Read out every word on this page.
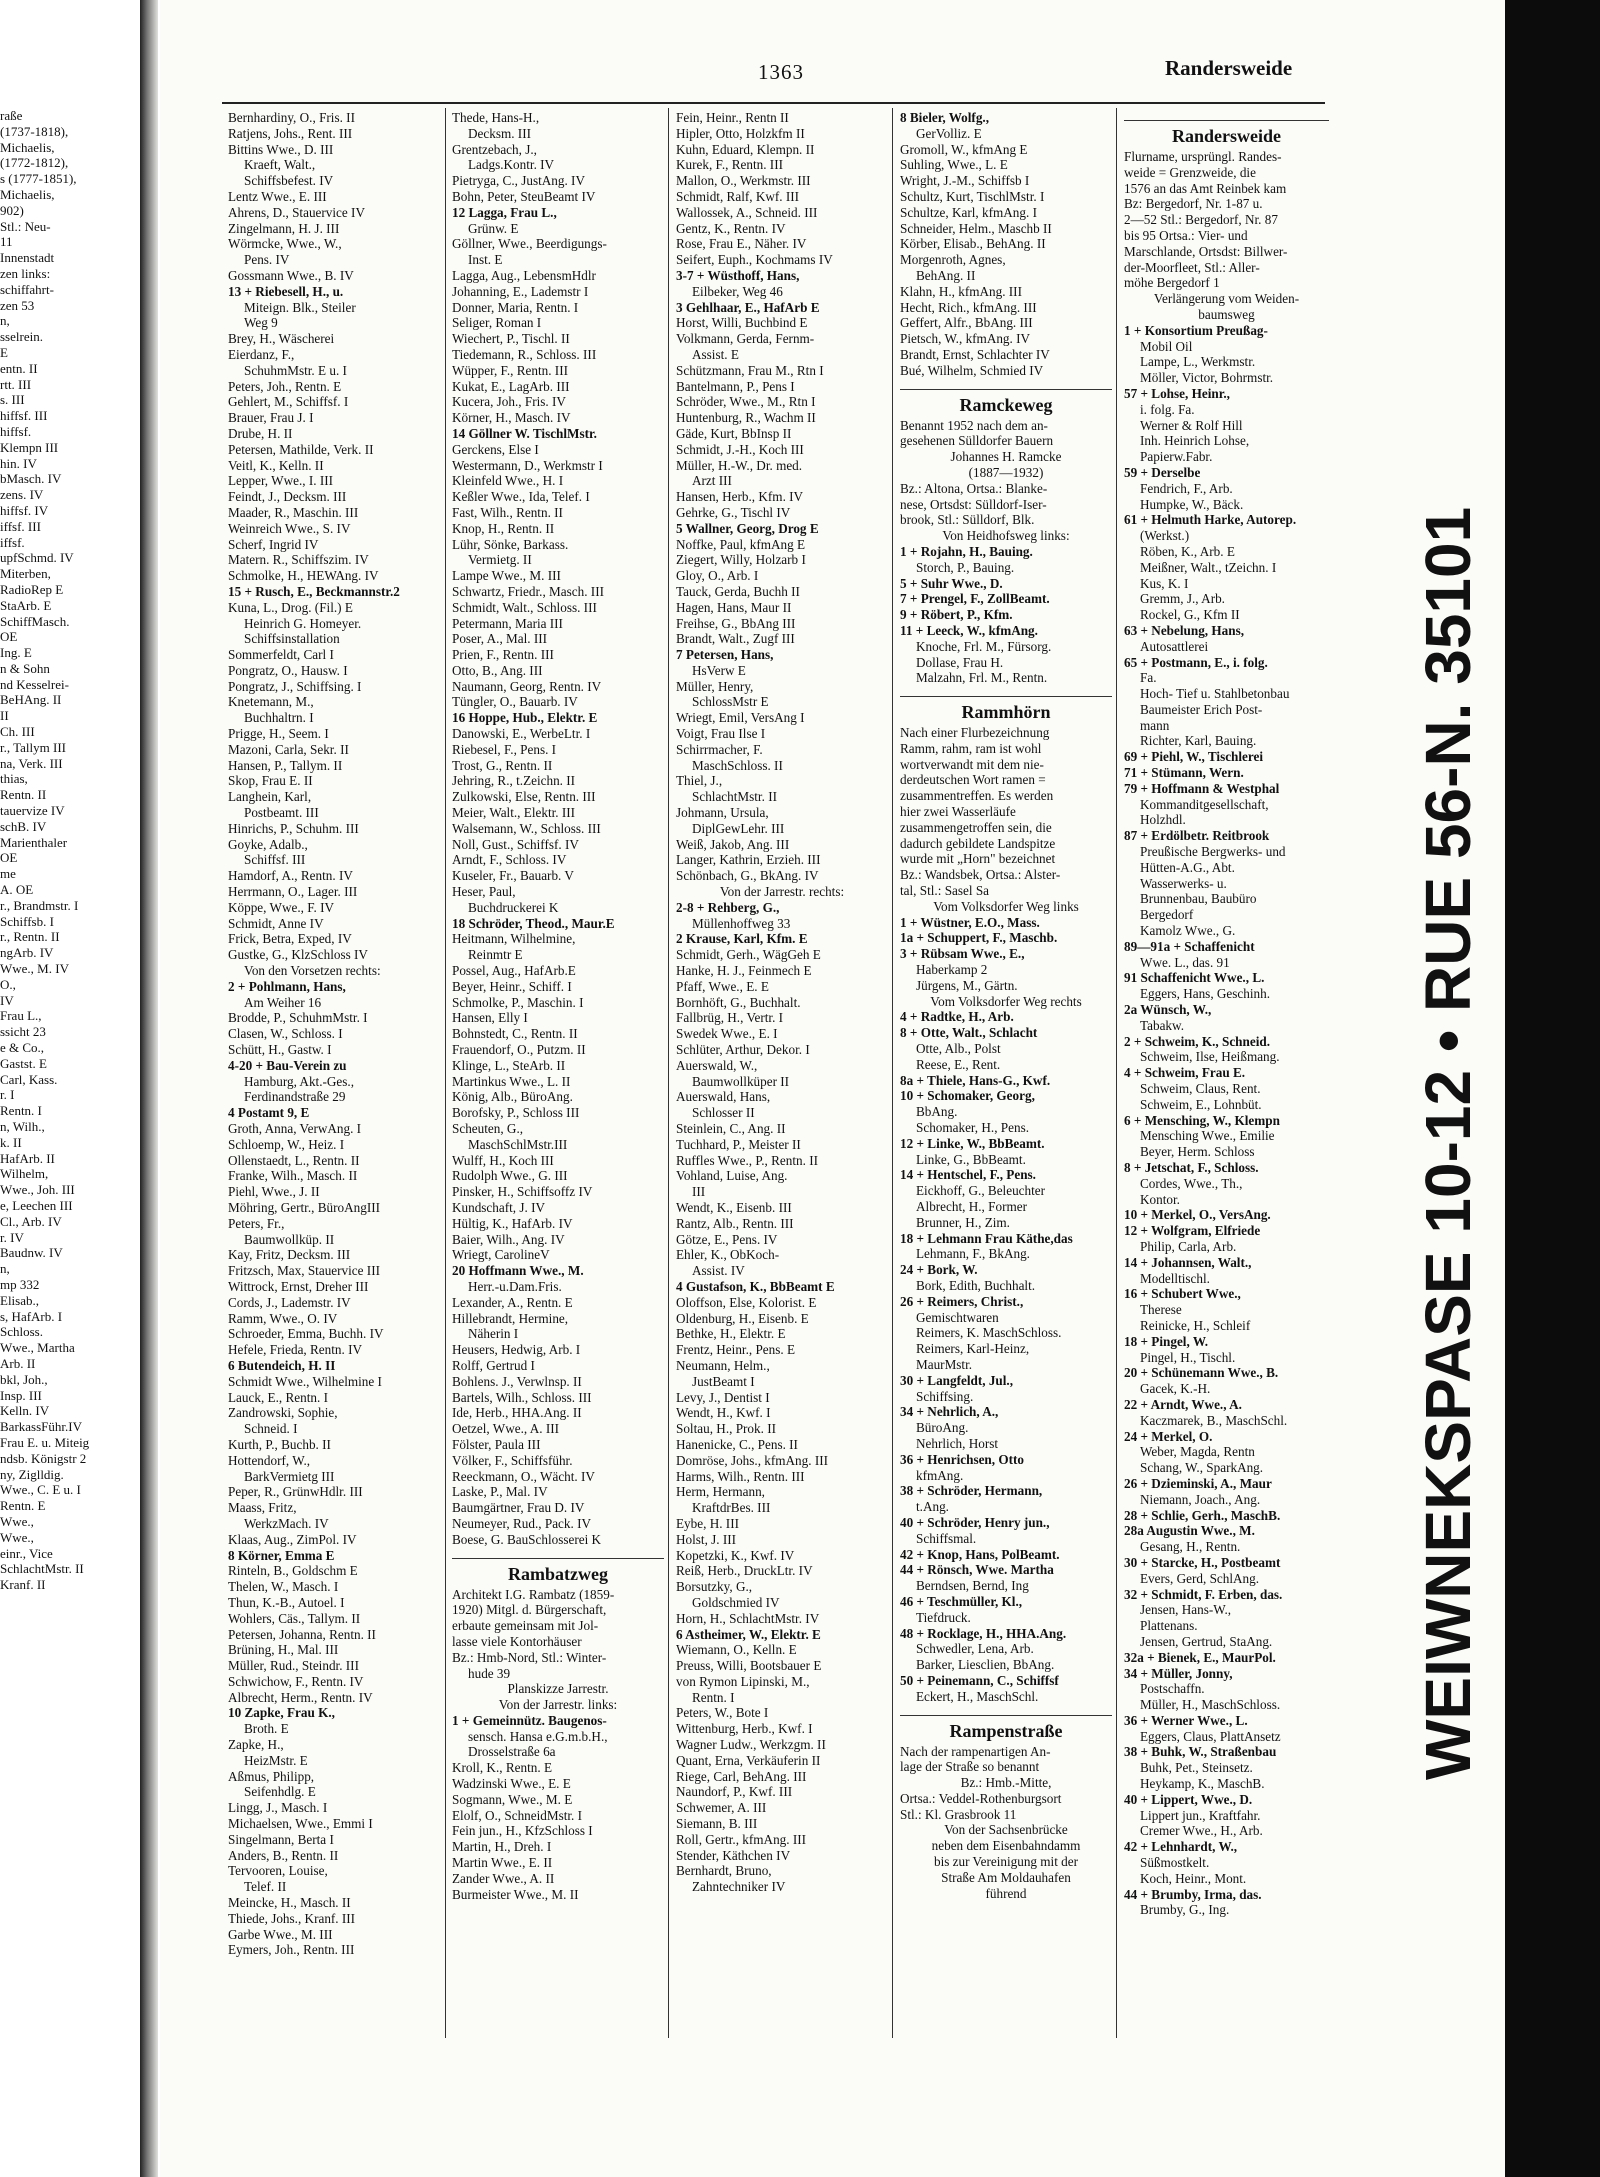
raße
(1737-1818),
Michaelis,
(1772-1812),
s (1777-1851),
Michaelis,
902)
Stl.: Neu-
11
Innenstadt
zen links:
schiffahrt-
zen 53
n,
sselrein.
E
entn. II
rtt. III
s. III
hiffsf. III
hiffsf.
Klempn III
hin. IV
bMasch. IV
zens. IV
hiffsf. IV
iffsf. III
iffsf.
upfSchmd. IV
Miterben,
RadioRep E
StaArb. E
SchiffMasch.
OE
Ing. E
n & Sohn
nd Kesselrei-
BeHAng. II
II
Ch. III
r., Tallym III
na, Verk. III
thias,
Rentn. II
tauervize IV
schB. IV
Marienthaler
OE
me
A. OE
r., Brandmstr. I
Schiffsb. I
r., Rentn. II
ngArb. IV
Wwe., M. IV
O.,
IV
Frau L.,
ssicht 23
e & Co.,
Gastst. E
Carl, Kass.
r. I
Rentn. I
n, Wilh.,
k. II
HafArb. II
Wilhelm,
Wwe., Joh. III
e, Leechen III
Cl., Arb. IV
r. IV
Baudnw. IV
n,
mp 332
Elisab.,
s, HafArb. I
Schloss.
Wwe., Martha
Arb. II
bkl, Joh.,
Insp. III
Kelln. IV
BarkassFühr.IV
Frau E. u. Miteig
ndsb. Königstr 2
ny, Ziglldig.
Wwe., C. E u. I
Rentn. E
Wwe.,
Wwe.,
einr., Vice
SchlachtMstr. II
Kranf. II
1363	Randersweide
Bernhardiny, O., Fris. II
Ratjens, Johs., Rent. III
Bittins Wwe., D. III
Kraeft, Walt.,
Schiffsbefest. IV
Lentz Wwe., E. III
Ahrens, D., Stauervice IV
Zingelmann, H. J. III
Wörmcke, Wwe., W.,
Pens. IV
Gossmann Wwe., B. IV
13 + Riebesell, H., u.
Miteign. Blk., Steiler
Weg 9
Brey, H., Wäscherei
Eierdanz, F.,
SchuhmMstr. E u. I
Peters, Joh., Rentn. E
Gehlert, M., Schiffsf. I
Brauer, Frau J. I
Drube, H. II
Petersen, Mathilde, Verk. II
Veitl, K., Kelln. II
Lepper, Wwe., I. III
Feindt, J., Decksm. III
Maader, R., Maschin. III
Weinreich Wwe., S. IV
Scherf, Ingrid IV
Matern. R., Schiffszim. IV
Schmolke, H., HEWAng. IV
15 + Rusch, E., Beckmannstr.2
Kuna, L., Drog. (Fil.) E
Heinrich G. Homeyer.
Schiffsinstallation
Sommerfeldt, Carl I
Pongratz, O., Hausw. I
Pongratz, J., Schiffsing. I
Knetemann, M.,
Buchhaltrn. I
Prigge, H., Seem. I
Mazoni, Carla, Sekr. II
Hansen, P., Tallym. II
Skop, Frau E. II
Langhein, Karl,
Postbeamt. III
Hinrichs, P., Schuhm. III
Goyke, Adalb.,
Schiffsf. III
Hamdorf, A., Rentn. IV
Herrmann, O., Lager. III
Köppe, Wwe., F. IV
Schmidt, Anne IV
Frick, Betra, Exped, IV
Gustke, G., KlzSchloss IV
Von den Vorsetzen rechts:
2 + Pohlmann, Hans,
Am Weiher 16
Brodde, P., SchuhmMstr. I
Clasen, W., Schloss. I
Schütt, H., Gastw. I
4-20 + Bau-Verein zu
Hamburg, Akt.-Ges.,
Ferdinandstraße 29
4 Postamt 9, E
Groth, Anna, VerwAng. I
Schloemp, W., Heiz. I
Ollenstaedt, L., Rentn. II
Franke, Wilh., Masch. II
Piehl, Wwe., J. II
Möhring, Gertr., BüroAngIII
Peters, Fr.,
Baumwollküp. II
Kay, Fritz, Decksm. III
Fritzsch, Max, Stauervice III
Wittrock, Ernst, Dreher III
Cords, J., Lademstr. IV
Ramm, Wwe., O. IV
Schroeder, Emma, Buchh. IV
Hefele, Frieda, Rentn. IV
6 Butendeich, H. II
Schmidt Wwe., Wilhelmine I
Lauck, E., Rentn. I
Zandrowski, Sophie,
Schneid. I
Kurth, P., Buchb. II
Hottendorf, W.,
BarkVermietg III
Peper, R., GrünwHdlr. III
Maass, Fritz,
WerkzMach. IV
Klaas, Aug., ZimPol. IV
8 Körner, Emma E
Rinteln, B., Goldschm E
Thelen, W., Masch. I
Thun, K.-B., Autoel. I
Wohlers, Cäs., Tallym. II
Petersen, Johanna, Rentn. II
Brüning, H., Mal. III
Müller, Rud., Steindr. III
Schwichow, F., Rentn. IV
Albrecht, Herm., Rentn. IV
10 Zapke, Frau K.,
Broth. E
Zapke, H.,
HeizMstr. E
Aßmus, Philipp,
Seifenhdlg. E
Lingg, J., Masch. I
Michaelsen, Wwe., Emmi I
Singelmann, Berta I
Anders, B., Rentn. II
Tervooren, Louise,
Telef. II
Meincke, H., Masch. II
Thiede, Johs., Kranf. III
Garbe Wwe., M. III
Eymers, Joh., Rentn. III
Thede, Hans-H.,
Decksm. III
Grentzebach, J.,
Ladgs.Kontr. IV
Pietryga, C., JustAng. IV
Bohn, Peter, SteuBeamt IV
12 Lagga, Frau L.,
Grünw. E
Göllner, Wwe., Beerdigungs-
Inst. E
Lagga, Aug., LebensmHdlr
Johanning, E., Lademstr I
Donner, Maria, Rentn. I
Seliger, Roman I
Wiechert, P., Tischl. II
Tiedemann, R., Schloss. III
Wüpper, F., Rentn. III
Kukat, E., LagArb. III
Kucera, Joh., Fris. IV
Körner, H., Masch. IV
14 Göllner W. TischlMstr.
Gerckens, Else I
Westermann, D., Werkmstr I
Kleinfeld Wwe., H. I
Keßler Wwe., Ida, Telef. I
Fast, Wilh., Rentn. II
Knop, H., Rentn. II
Lühr, Sönke, Barkass.
Vermietg. II
Lampe Wwe., M. III
Schwartz, Friedr., Masch. III
Schmidt, Walt., Schloss. III
Petermann, Maria III
Poser, A., Mal. III
Prien, F., Rentn. III
Otto, B., Ang. III
Naumann, Georg, Rentn. IV
Tüngler, O., Bauarb. IV
16 Hoppe, Hub., Elektr. E
Danowski, E., WerbeLtr. I
Riebesel, F., Pens. I
Trost, G., Rentn. II
Jehring, R., t.Zeichn. II
Zulkowski, Else, Rentn. III
Meier, Walt., Elektr. III
Walsemann, W., Schloss. III
Noll, Gust., Schiffsf. IV
Arndt, F., Schloss. IV
Kuseler, Fr., Bauarb. V
Heser, Paul,
Buchdruckerei K
18 Schröder, Theod., Maur.E
Heitmann, Wilhelmine,
Reinmtr E
Possel, Aug., HafArb.E
Beyer, Heinr., Schiff. I
Schmolke, P., Maschin. I
Hansen, Elly I
Bohnstedt, C., Rentn. II
Frauendorf, O., Putzm. II
Klinge, L., SteArb. II
Martinkus Wwe., L. II
König, Alb., BüroAng.
Borofsky, P., Schloss III
Scheuten, G.,
MaschSchlMstr.III
Wulff, H., Koch III
Rudolph Wwe., G. III
Pinsker, H., Schiffsoffz IV
Kundschaft, J. IV
Hültig, K., HafArb. IV
Baier, Wilh., Ang. IV
Wriegt, CarolineV
20 Hoffmann Wwe., M.
Herr.-u.Dam.Fris.
Lexander, A., Rentn. E
Hillebrandt, Hermine,
Näherin I
Heusers, Hedwig, Arb. I
Rolff, Gertrud I
Bohlens. J., Verwlnsp. II
Bartels, Wilh., Schloss. III
Ide, Herb., HHA.Ang. II
Oetzel, Wwe., A. III
Fölster, Paula III
Völker, F., Schiffsführ.
Reeckmann, O., Wächt. IV
Laske, P., Mal. IV
Baumgärtner, Frau D. IV
Neumeyer, Rud., Pack. IV
Boese, G. BauSchlosserei K
Rambatzweg
Architekt I.G. Rambatz (1859-
1920) Mitgl. d. Bürgerschaft,
erbaute gemeinsam mit Jol-
lasse viele Kontorhäuser
Bz.: Hmb-Nord, Stl.: Winter-
hude 39
Planskizze Jarrestr.
Von der Jarrestr. links:
1 + Gemeinnütz. Baugenos-
sensch. Hansa e.G.m.b.H.,
Drosselstraße 6a
Kroll, K., Rentn. E
Wadzinski Wwe., E. E
Sogmann, Wwe., M. E
Elolf, O., SchneidMstr. I
Fein jun., H., KfzSchloss I
Martin, H., Dreh. I
Martin Wwe., E. II
Zander Wwe., A. II
Burmeister Wwe., M. II
Fein, Heinr., Rentn II
Hipler, Otto, Holzkfm II
Kuhn, Eduard, Klempn. II
Kurek, F., Rentn. III
Mallon, O., Werkmstr. III
Schmidt, Ralf, Kwf. III
Wallossek, A., Schneid. III
Gentz, K., Rentn. IV
Rose, Frau E., Näher. IV
Seifert, Euph., Kochmams IV
3-7 + Wüsthoff, Hans,
Eilbeker, Weg 46
3 Gehlhaar, E., HafArb E
Horst, Willi, Buchbind E
Volkmann, Gerda, Fernm-
Assist. E
Schützmann, Frau M., Rtn I
Bantelmann, P., Pens I
Schröder, Wwe., M., Rtn I
Huntenburg, R., Wachm II
Gäde, Kurt, BbInsp II
Schmidt, J.-H., Koch III
Müller, H.-W., Dr. med.
Arzt III
Hansen, Herb., Kfm. IV
Gehrke, G., Tischl IV
5 Wallner, Georg, Drog E
Noffke, Paul, kfmAng E
Ziegert, Willy, Holzarb I
Gloy, O., Arb. I
Tauck, Gerda, Buchh II
Hagen, Hans, Maur II
Freihse, G., BbAng III
Brandt, Walt., Zugf III
7 Petersen, Hans,
HsVerw E
Müller, Henry,
SchlossMstr E
Wriegt, Emil, VersAng I
Voigt, Frau Ilse I
Schirrmacher, F.
MaschSchloss. II
Thiel, J.,
SchlachtMstr. II
Johmann, Ursula,
DiplGewLehr. III
Weiß, Jakob, Ang. III
Langer, Kathrin, Erzieh. III
Schönbach, G., BkAng. IV
Von der Jarrestr. rechts:
2-8 + Rehberg, G.,
Müllenhoffweg 33
2 Krause, Karl, Kfm. E
Schmidt, Gerh., WägGeh E
Hanke, H. J., Feinmech E
Pfaff, Wwe., E. E
Bornhöft, G., Buchhalt.
Fallbrüg, H., Vertr. I
Swedek Wwe., E. I
Schlüter, Arthur, Dekor. I
Auerswald, W.,
Baumwollküper II
Auerswald, Hans,
Schlosser II
Steinlein, C., Ang. II
Tuchhard, P., Meister II
Ruffles Wwe., P., Rentn. II
Vohland, Luise, Ang.
III
Wendt, K., Eisenb. III
Rantz, Alb., Rentn. III
Götze, E., Pens. IV
Ehler, K., ObKoch-
Assist. IV
4 Gustafson, K., BbBeamt E
Oloffson, Else, Kolorist. E
Oldenburg, H., Eisenb. E
Bethke, H., Elektr. E
Frentz, Heinr., Pens. E
Neumann, Helm.,
JustBeamt I
Levy, J., Dentist I
Wendt, H., Kwf. I
Soltau, H., Prok. II
Hanenicke, C., Pens. II
Domröse, Johs., kfmAng. III
Harms, Wilh., Rentn. III
Herm, Hermann,
KraftdrBes. III
Eybe, H. III
Holst, J. III
Kopetzki, K., Kwf. IV
Reiß, Herb., DruckLtr. IV
Borsutzky, G.,
Goldschmied IV
Horn, H., SchlachtMstr. IV
6 Astheimer, W., Elektr. E
Wiemann, O., Kelln. E
Preuss, Willi, Bootsbauer E
von Rymon Lipinski, M.,
Rentn. I
Peters, W., Bote I
Wittenburg, Herb., Kwf. I
Wagner Ludw., Werkzgm. II
Quant, Erna, Verkäuferin II
Riege, Carl, BehAng. III
Naundorf, P., Kwf. III
Schwemer, A. III
Siemann, B. III
Roll, Gertr., kfmAng. III
Stender, Käthchen IV
Bernhardt, Bruno,
Zahntechniker IV
8 Bieler, Wolfg.,
GerVolliz. E
Gromoll, W., kfmAng E
Suhling, Wwe., L. E
Wright, J.-M., Schiffsb I
Schultz, Kurt, TischlMstr. I
Schultze, Karl, kfmAng. I
Schneider, Helm., Maschb II
Körber, Elisab., BehAng. II
Morgenroth, Agnes,
BehAng. II
Klahn, H., kfmAng. III
Hecht, Rich., kfmAng. III
Geffert, Alfr., BbAng. III
Pietsch, W., kfmAng. IV
Brandt, Ernst, Schlachter IV
Bué, Wilhelm, Schmied IV
Ramckeweg
Benannt 1952 nach dem an-
gesehenen Sülldorfer Bauern
Johannes H. Ramcke
(1887—1932)
Bz.: Altona, Ortsa.: Blanke-
nese, Ortsdst: Sülldorf-Iser-
brook, Stl.: Sülldorf, Blk.
Von Heidhofsweg links:
1 + Rojahn, H., Bauing.
Storch, P., Bauing.
5 + Suhr Wwe., D.
7 + Prengel, F., ZollBeamt.
9 + Röbert, P., Kfm.
11 + Leeck, W., kfmAng.
Knoche, Frl. M., Fürsorg.
Dollase, Frau H.
Malzahn, Frl. M., Rentn.
Rammhörn
Nach einer Flurbezeichnung
Ramm, rahm, ram ist wohl
wortverwandt mit dem nie-
derdeutschen Wort ramen =
zusammentreffen. Es werden
hier zwei Wasserläufe
zusammengetroffen sein, die
dadurch gebildete Landspitze
wurde mit „Horn" bezeichnet
Bz.: Wandsbek, Ortsa.: Alster-
tal, Stl.: Sasel Sa
Vom Volksdorfer Weg links
1 + Wüstner, E.O., Mass.
1a + Schuppert, F., Maschb.
3 + Rübsam Wwe., E.,
Haberkamp 2
Jürgens, M., Gärtn.
Vom Volksdorfer Weg rechts
4 + Radtke, H., Arb.
8 + Otte, Walt., Schlacht
Otte, Alb., Polst
Reese, E., Rent.
8a + Thiele, Hans-G., Kwf.
10 + Schomaker, Georg,
BbAng.
Schomaker, H., Pens.
12 + Linke, W., BbBeamt.
Linke, G., BbBeamt.
14 + Hentschel, F., Pens.
Eickhoff, G., Beleuchter
Albrecht, H., Former
Brunner, H., Zim.
18 + Lehmann Frau Käthe,das
Lehmann, F., BkAng.
24 + Bork, W.
Bork, Edith, Buchhalt.
26 + Reimers, Christ.,
Gemischtwaren
Reimers, K. MaschSchloss.
Reimers, Karl-Heinz,
MaurMstr.
30 + Langfeldt, Jul.,
Schiffsing.
34 + Nehrlich, A.,
BüroAng.
Nehrlich, Horst
36 + Henrichsen, Otto
kfmAng.
38 + Schröder, Hermann,
t.Ang.
40 + Schröder, Henry jun.,
Schiffsmal.
42 + Knop, Hans, PolBeamt.
44 + Rönsch, Wwe. Martha
Berndsen, Bernd, Ing
46 + Teschmüller, Kl.,
Tiefdruck.
48 + Rocklage, H., HHA.Ang.
Schwedler, Lena, Arb.
Barker, Liesclien, BbAng.
50 + Peinemann, C., Schiffsf
Eckert, H., MaschSchl.
Rampenstraße
Nach der rampenartigen An-
lage der Straße so benannt
Bz.: Hmb.-Mitte,
Ortsa.: Veddel-Rothenburgsort
Stl.: Kl. Grasbrook 11
Von der Sachsenbrücke
neben dem Eisenbahndamm
bis zur Vereinigung mit der
Straße Am Moldauhafen
führend
Randersweide
Flurname, ursprüngl. Randes-
weide = Grenzweide, die
1576 an das Amt Reinbek kam
Bz: Bergedorf, Nr. 1-87 u.
2—52 Stl.: Bergedorf, Nr. 87
bis 95 Ortsa.: Vier- und
Marschlande, Ortsdst: Billwer-
der-Moorfleet, Stl.: Aller-
möhe Bergedorf 1
Verlängerung vom Weiden-
baumsweg
1 + Konsortium Preußag-
Mobil Oil
Lampe, L., Werkmstr.
Möller, Victor, Bohrmstr.
57 + Lohse, Heinr.,
i. folg. Fa.
Werner & Rolf Hill
Inh. Heinrich Lohse,
Papierw.Fabr.
59 + Derselbe
Fendrich, F., Arb.
Humpke, W., Bäck.
61 + Helmuth Harke, Autorep.
(Werkst.)
Röben, K., Arb. E
Meißner, Walt., tZeichn. I
Kus, K. I
Gremm, J., Arb.
Rockel, G., Kfm II
63 + Nebelung, Hans,
Autosattlerei
65 + Postmann, E., i. folg.
Fa.
Hoch- Tief u. Stahlbetonbau
Baumeister Erich Post-
mann
Richter, Karl, Bauing.
69 + Piehl, W., Tischlerei
71 + Stümann, Wern.
79 + Hoffmann & Westphal
Kommanditgesellschaft,
Holzhdl.
87 + Erdölbetr. Reitbrook
Preußische Bergwerks- und
Hütten-A.G., Abt.
Wasserwerks- u.
Brunnenbau, Baubüro
Bergedorf
Kamolz Wwe., G.
89—91a + Schaffenicht
Wwe. L., das. 91
91 Schaffenicht Wwe., L.
Eggers, Hans, Geschinh.
2a Wünsch, W.,
Tabakw.
2 + Schweim, K., Schneid.
Schweim, Ilse, Heißmang.
4 + Schweim, Frau E.
Schweim, Claus, Rent.
Schweim, E., Lohnbüt.
6 + Mensching, W., Klempn
Mensching Wwe., Emilie
Beyer, Herm. Schloss
8 + Jetschat, F., Schloss.
Cordes, Wwe., Th.,
Kontor.
10 + Merkel, O., VersAng.
12 + Wolfgram, Elfriede
Philip, Carla, Arb.
14 + Johannsen, Walt.,
Modelltischl.
16 + Schubert Wwe.,
Therese
Reinicke, H., Schleif
18 + Pingel, W.
Pingel, H., Tischl.
20 + Schünemann Wwe., B.
Gacek, K.-H.
22 + Arndt, Wwe., A.
Kaczmarek, B., MaschSchl.
24 + Merkel, O.
Weber, Magda, Rentn
Schang, W., SparkAng.
26 + Dzieminski, A., Maur
Niemann, Joach., Ang.
28 + Schlie, Gerh., MaschB.
28a Augustin Wwe., M.
Gesang, H., Rentn.
30 + Starcke, H., Postbeamt
Evers, Gerd, SchlAng.
32 + Schmidt, F. Erben, das.
Jensen, Hans-W.,
Plattenans.
Jensen, Gertrud, StaAng.
32a + Bienek, E., MaurPol.
34 + Müller, Jonny,
Postschaffn.
Müller, H., MaschSchloss.
36 + Werner Wwe., L.
Eggers, Claus, PlattAnsetz
38 + Buhk, W., Straßenbau
Buhk, Pet., Steinsetz.
Heykamp, K., MaschB.
40 + Lippert, Wwe., D.
Lippert jun., Kraftfahr.
Cremer Wwe., H., Arb.
42 + Lehnhardt, W.,
Süßmostkelt.
Koch, Heinr., Mont.
44 + Brumby, Irma, das.
Brumby, G., Ing.
WEIWNEKSPASE 10-12 • RUE 56-N. 35101
